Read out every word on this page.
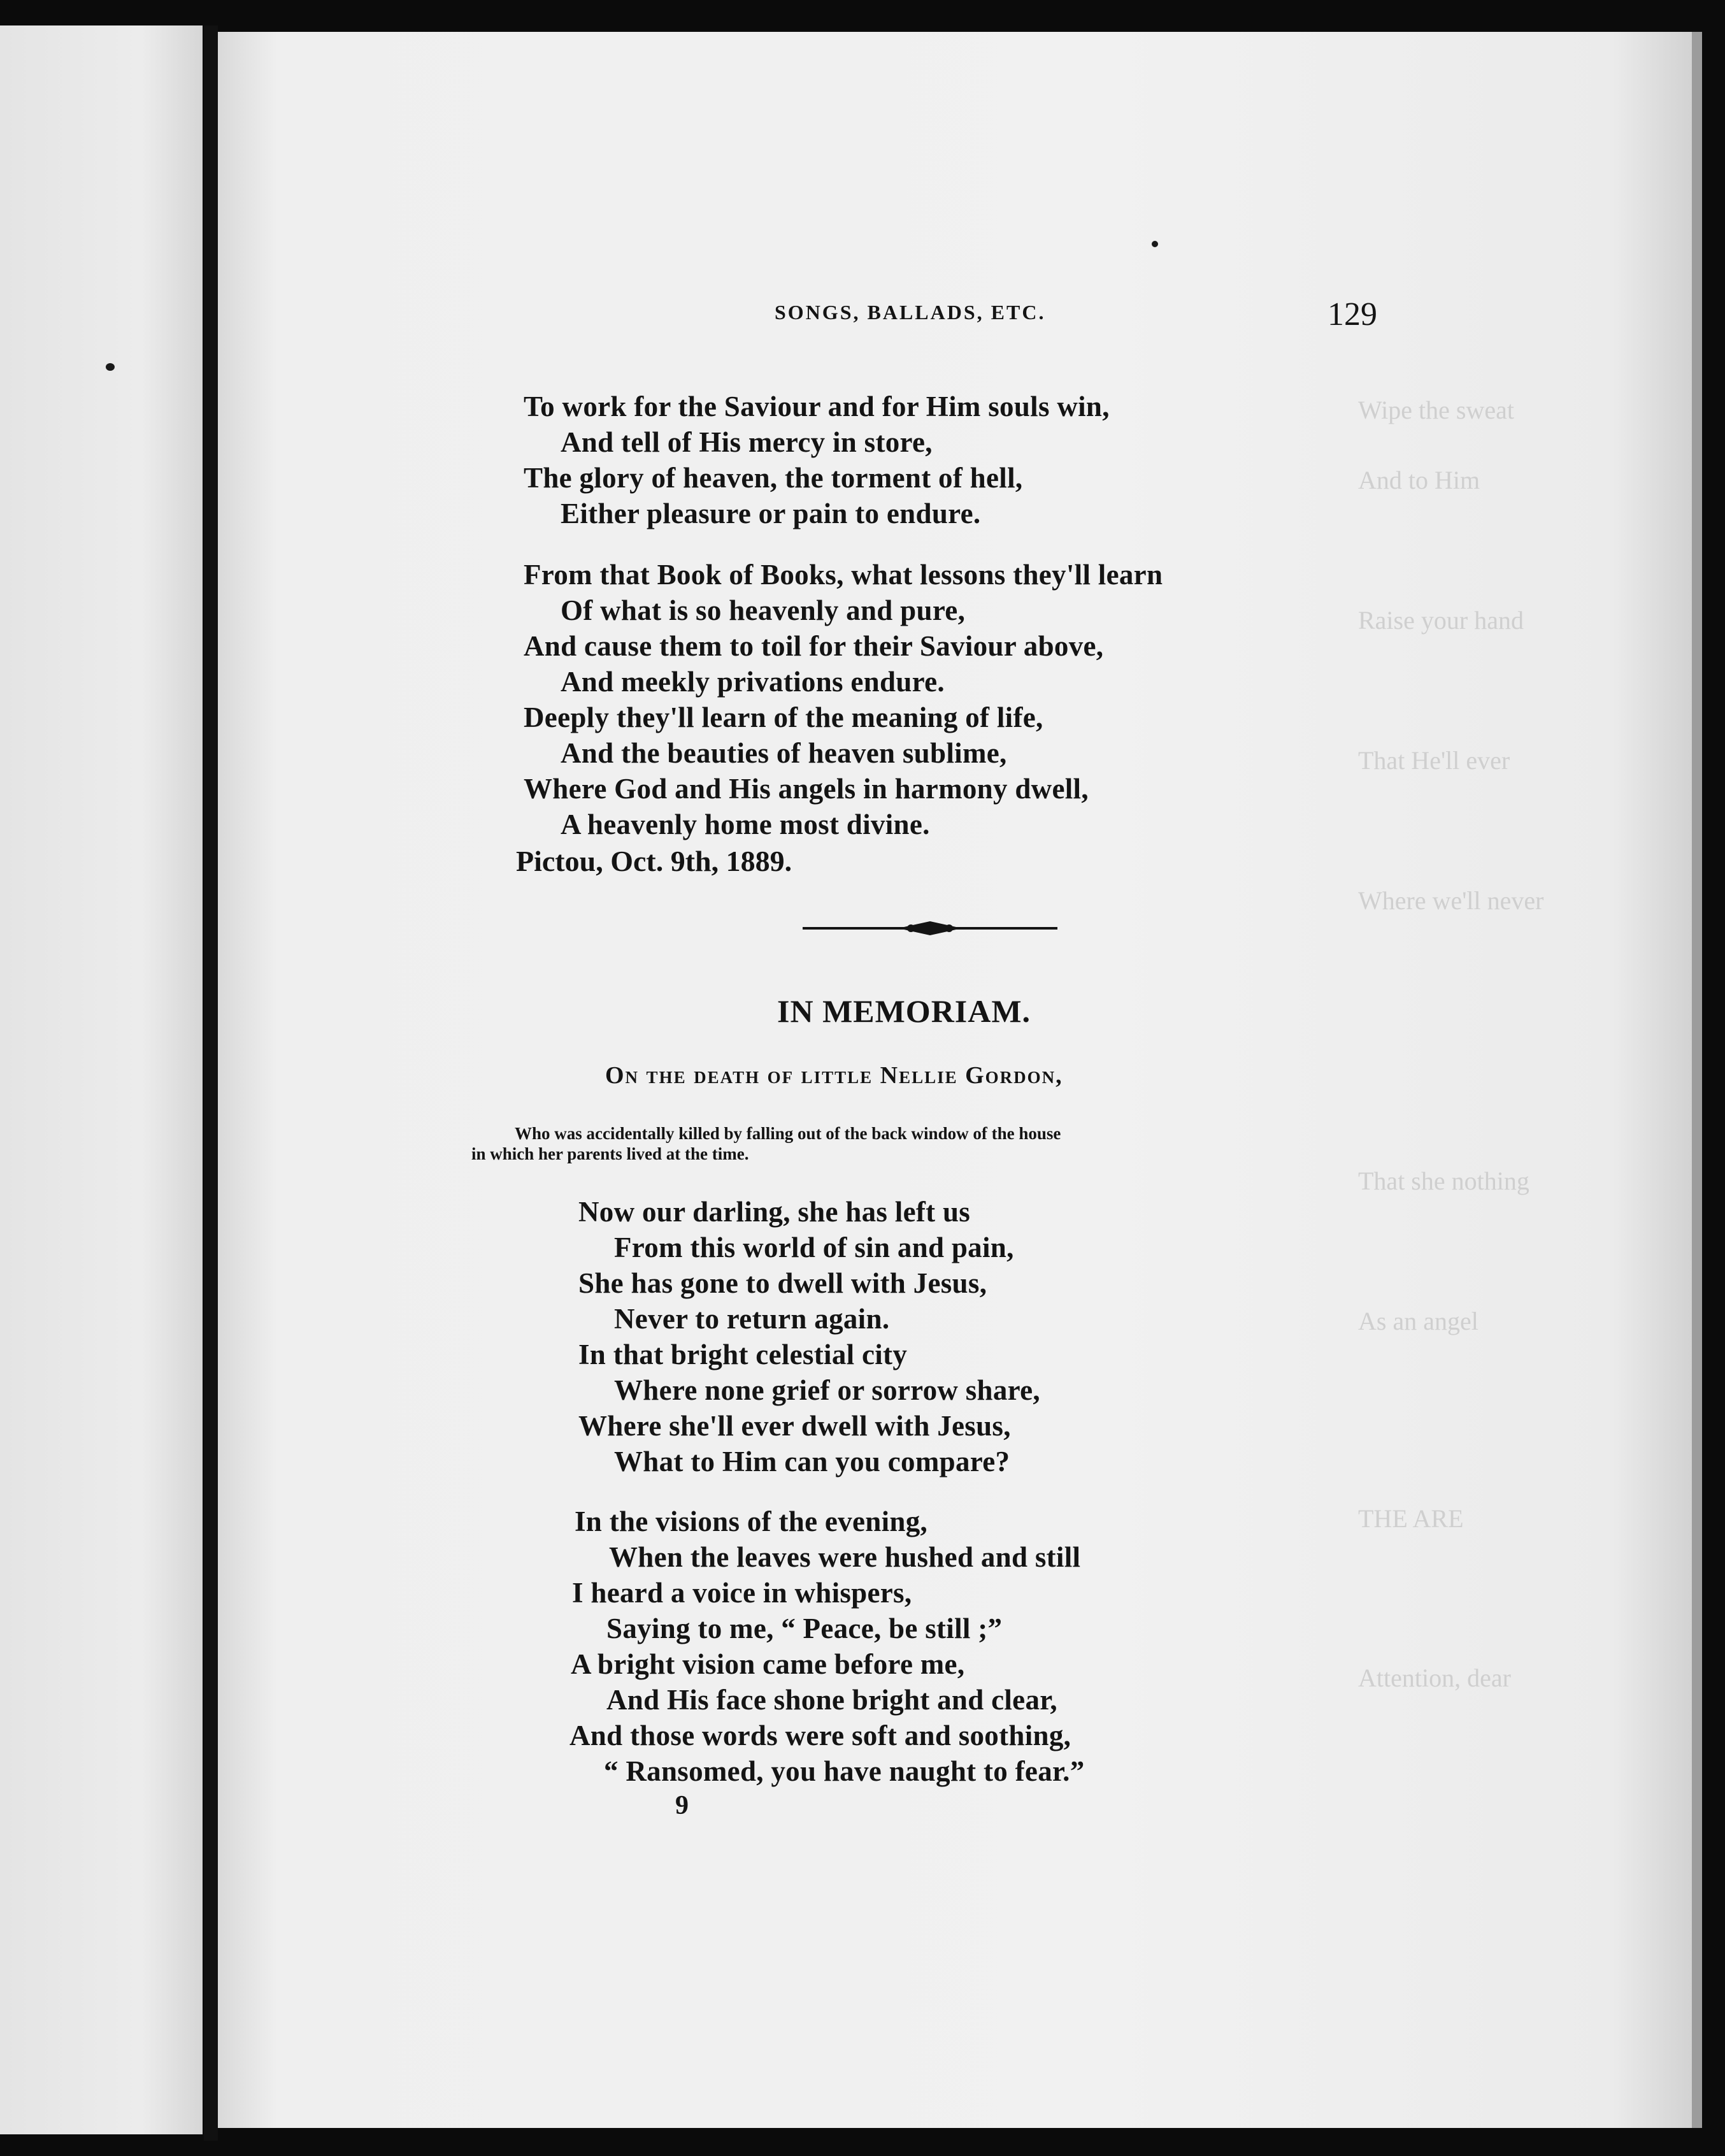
Wipe the sweat
And to Him
Raise your hand
That He'll ever
Where we'll never
That she nothing
As an angel
THE ARE
Attention, dear
SONGS, BALLADS, ETC.	129
To work for the Saviour and for Him souls win,
And tell of His mercy in store,
The glory of heaven, the torment of hell,
Either pleasure or pain to endure.
From that Book of Books, what lessons they'll learn
Of what is so heavenly and pure,
And cause them to toil for their Saviour above,
And meekly privations endure.
Deeply they'll learn of the meaning of life,
And the beauties of heaven sublime,
Where God and His angels in harmony dwell,
A heavenly home most divine.
Pictou, Oct. 9th, 1889.
IN MEMORIAM.
On the death of little Nellie Gordon,
Who was accidentally killed by falling out of the back window of the house
in which her parents lived at the time.
Now our darling, she has left us
From this world of sin and pain,
She has gone to dwell with Jesus,
Never to return again.
In that bright celestial city
Where none grief or sorrow share,
Where she'll ever dwell with Jesus,
What to Him can you compare?
In the visions of the evening,
When the leaves were hushed and still
I heard a voice in whispers,
Saying to me, “ Peace, be still ;”
A bright vision came before me,
And His face shone bright and clear,
And those words were soft and soothing,
“ Ransomed, you have naught to fear.”
9
